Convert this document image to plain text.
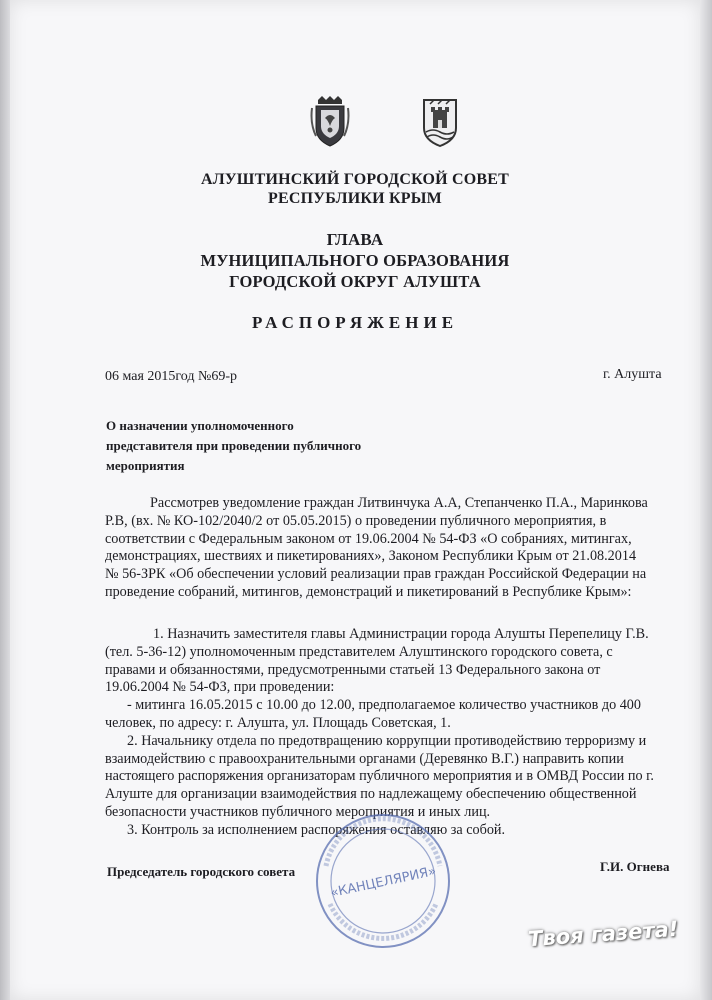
АЛУШТИНСКИЙ ГОРОДСКОЙ СОВЕТ
РЕСПУБЛИКИ КРЫМ
ГЛАВА
МУНИЦИПАЛЬНОГО ОБРАЗОВАНИЯ
ГОРОДСКОЙ ОКРУГ АЛУШТА
РАСПОРЯЖЕНИЕ
06 мая 2015год №69-р	г. Алушта
О назначении уполномоченного
представителя при проведении публичного
мероприятия
Рассмотрев уведомление граждан Литвинчука А.А, Степанченко П.А., Маринкова
Р.В, (вх. № КО-102/2040/2 от 05.05.2015) о проведении публичного мероприятия, в
соответствии с Федеральным законом от 19.06.2004 № 54-ФЗ «О собраниях, митингах,
демонстрациях, шествиях и пикетированиях», Законом Республики Крым от 21.08.2014
№ 56-ЗРК «Об обеспечении условий реализации прав граждан Российской Федерации на
проведение собраний, митингов, демонстраций и пикетирований в Республике Крым»:
1. Назначить заместителя главы Администрации города Алушты Перепелицу Г.В.
(тел. 5-36-12) уполномоченным представителем Алуштинского городского совета, с
правами и обязанностями, предусмотренными статьей 13 Федерального закона от
19.06.2004 № 54-ФЗ, при проведении:
- митинга 16.05.2015 с 10.00 до 12.00, предполагаемое количество участников до 400
человек, по адресу: г. Алушта, ул. Площадь Советская, 1.
2. Начальнику отдела по предотвращению коррупции противодействию терроризму и
взаимодействию с правоохранительными органами (Деревянко В.Г.) направить копии
настоящего распоряжения организаторам публичного мероприятия и в ОМВД России по г.
Алуште для организации взаимодействия по надлежащему обеспечению общественной
безопасности участников публичного мероприятия и иных лиц.
3. Контроль за исполнением распоряжения оставляю за собой.
«КАНЦЕЛЯРИЯ»
Председатель городского совета	Г.И. Огнева
Твоя газета!
